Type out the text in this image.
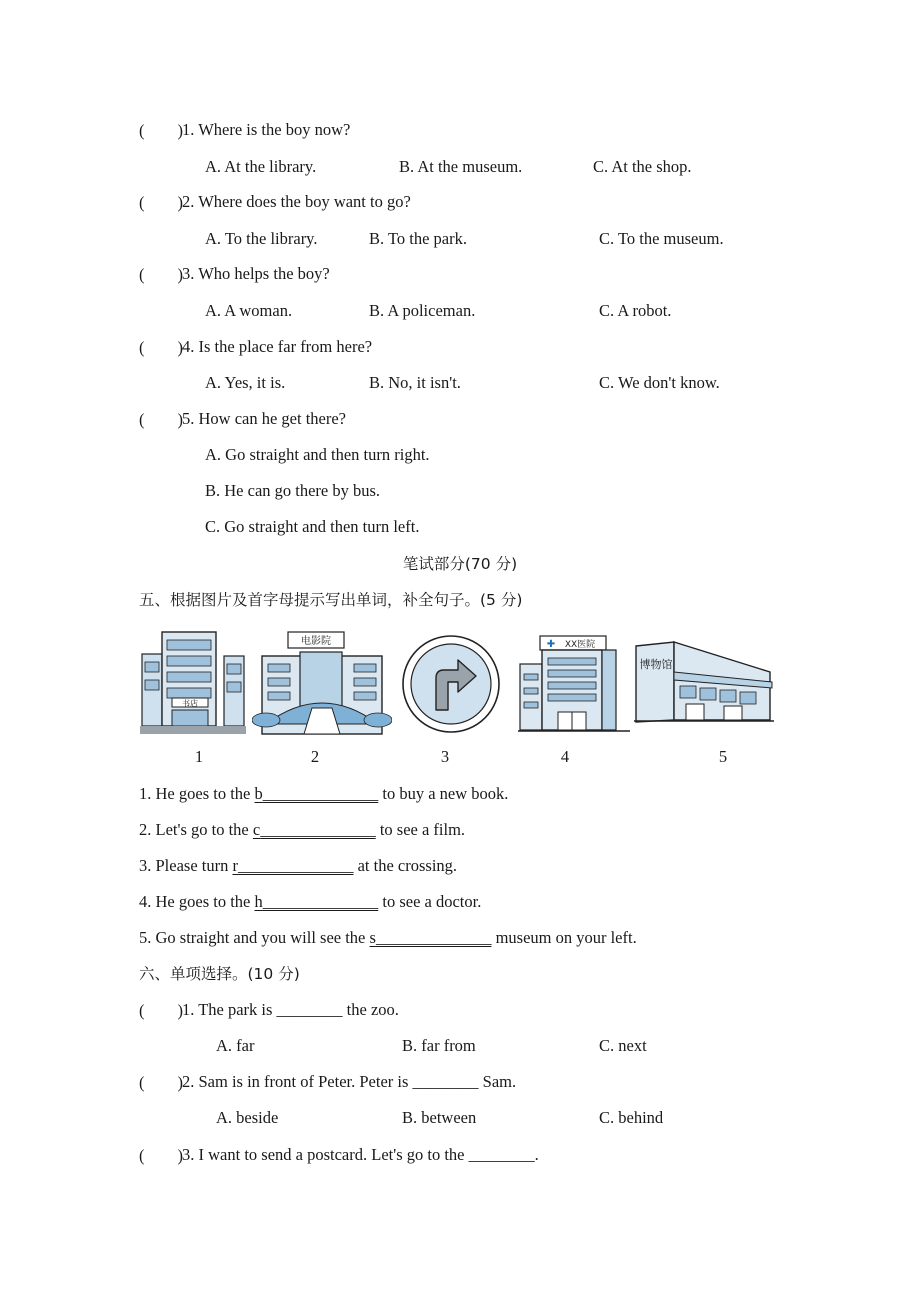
(        ) 1. Where is the boy now?
A. At the library.	B. At the museum.	C. At the shop.
(        ) 2. Where does the boy want to go?
A. To the library.	B. To the park.	C. To the museum.
(        ) 3. Who helps the boy?
A. A woman.	B. A policeman.	C. A robot.
(        ) 4. Is the place far from here?
A. Yes, it is.	B. No, it isn't.	C. We don't know.
(        ) 5. How can he get there?
A. Go straight and then turn right.
B. He can go there by bus.
C. Go straight and then turn left.
笔试部分(70 分)
五、根据图片及首字母提示写出单词，补全句子。(5 分)
书店
电影院	✚ XX医院
博物馆
1	2	3	4	5
1. He goes to the b______________ to buy a new book.
2. Let's go to the c______________ to see a film.
3. Please turn r______________ at the crossing.
4. He goes to the h______________ to see a doctor.
5. Go straight and you will see the s______________ museum on your left.
六、单项选择。(10 分)
(        ) 1. The park is ________ the zoo.
A. far	B. far from	C. next
(        ) 2. Sam is in front of Peter. Peter is ________ Sam.
A. beside	B. between	C. behind
(        ) 3. I want to send a postcard. Let's go to the ________.
